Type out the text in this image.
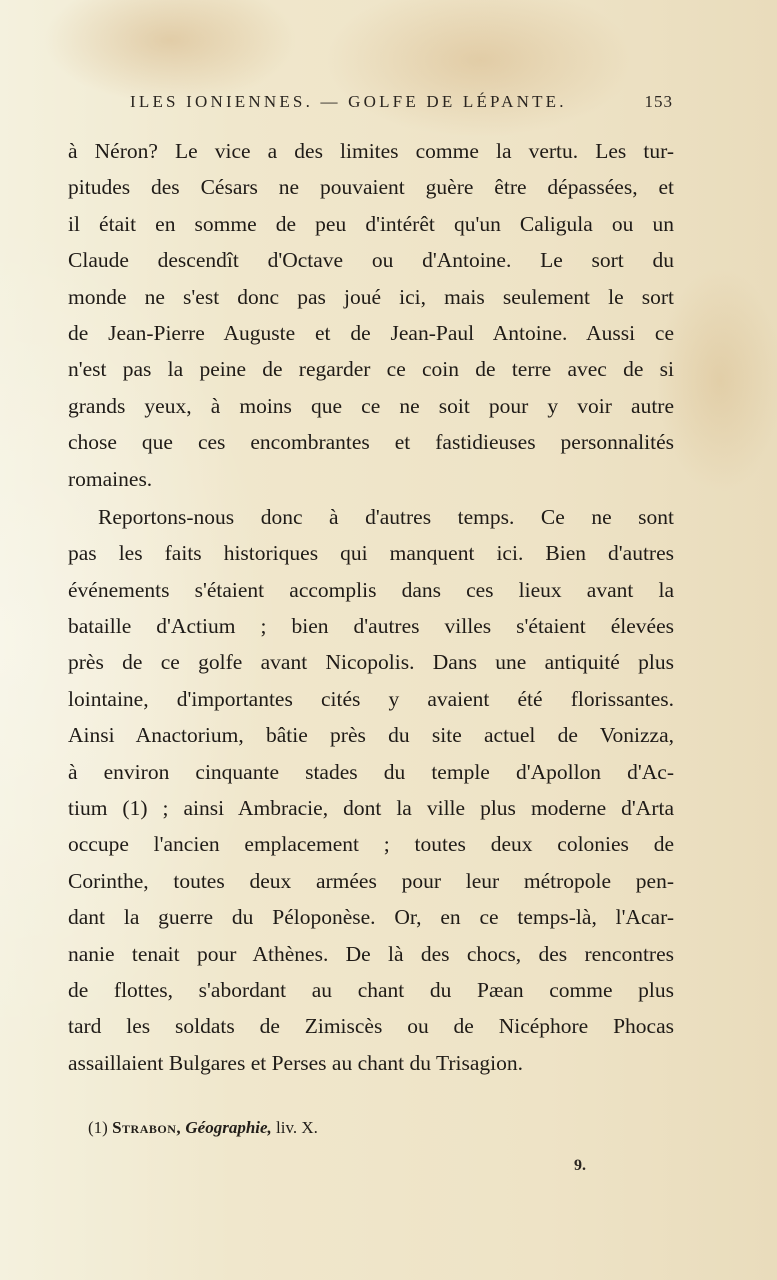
ILES IONIENNES. — GOLFE DE LÉPANTE.	153
à Néron? Le vice a des limites comme la vertu. Les tur-
pitudes des Césars ne pouvaient guère être dépassées, et
il était en somme de peu d'intérêt qu'un Caligula ou un
Claude descendît d'Octave ou d'Antoine. Le sort du
monde ne s'est donc pas joué ici, mais seulement le sort
de Jean-Pierre Auguste et de Jean-Paul Antoine. Aussi ce
n'est pas la peine de regarder ce coin de terre avec de si
grands yeux, à moins que ce ne soit pour y voir autre
chose que ces encombrantes et fastidieuses personnalités
romaines.
Reportons-nous donc à d'autres temps. Ce ne sont
pas les faits historiques qui manquent ici. Bien d'autres
événements s'étaient accomplis dans ces lieux avant la
bataille d'Actium ; bien d'autres villes s'étaient élevées
près de ce golfe avant Nicopolis. Dans une antiquité plus
lointaine, d'importantes cités y avaient été florissantes.
Ainsi Anactorium, bâtie près du site actuel de Vonizza,
à environ cinquante stades du temple d'Apollon d'Ac-
tium (1) ; ainsi Ambracie, dont la ville plus moderne d'Arta
occupe l'ancien emplacement ; toutes deux colonies de
Corinthe, toutes deux armées pour leur métropole pen-
dant la guerre du Péloponèse. Or, en ce temps-là, l'Acar-
nanie tenait pour Athènes. De là des chocs, des rencontres
de flottes, s'abordant au chant du Pæan comme plus
tard les soldats de Zimiscès ou de Nicéphore Phocas
assaillaient Bulgares et Perses au chant du Trisagion.
(1) Strabon, Géographie, liv. X.
9.
